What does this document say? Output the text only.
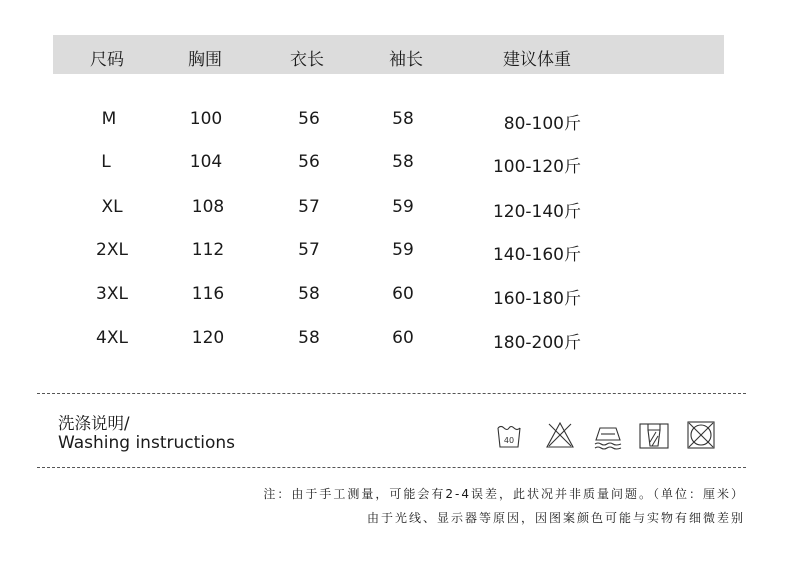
尺码	胸围	衣长	袖长	建议体重
M	100	56	58	80-100斤
L	104	56	58	100-120斤
XL	108	57	59	120-140斤
2XL	112	57	59	140-160斤
3XL	116	58	60	160-180斤
4XL	120	58	60	180-200斤
洗涤说明/
Washing instructions	40
注：由于手工测量，可能会有2-4误差，此状况并非质量问题。（单位：厘米）
由于光线、显示器等原因，因图案颜色可能与实物有细微差别
